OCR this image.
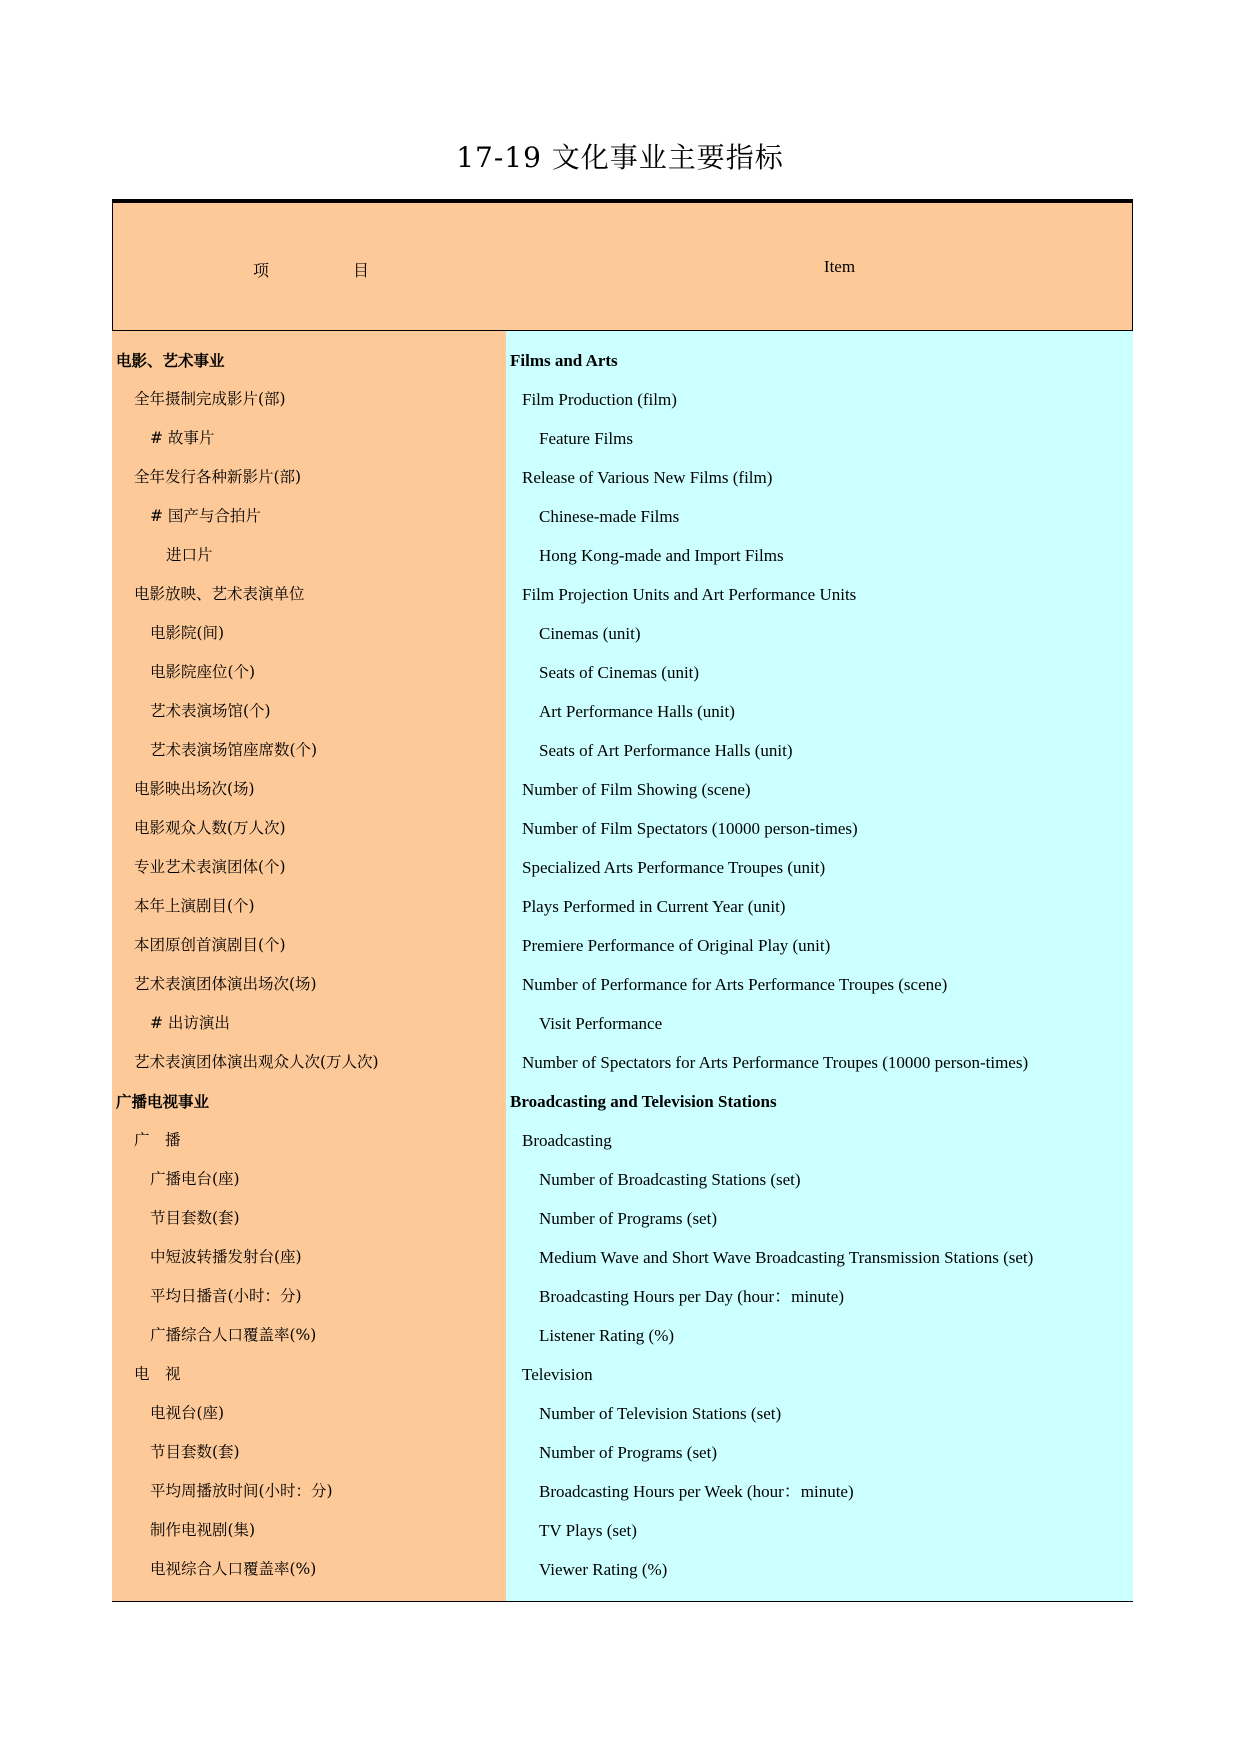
17-19 文化事业主要指标
项	目	Item
电影、艺术事业
全年摄制完成影片(部)
# 故事片
全年发行各种新影片(部)
# 国产与合拍片
进口片
电影放映、艺术表演单位
电影院(间)
电影院座位(个)
艺术表演场馆(个)
艺术表演场馆座席数(个)
电影映出场次(场)
电影观众人数(万人次)
专业艺术表演团体(个)
本年上演剧目(个)
本团原创首演剧目(个)
艺术表演团体演出场次(场)
# 出访演出
艺术表演团体演出观众人次(万人次)
广播电视事业
广　播
广播电台(座)
节目套数(套)
中短波转播发射台(座)
平均日播音(小时：分)
广播综合人口覆盖率(%)
电　视
电视台(座)
节目套数(套)
平均周播放时间(小时：分)
制作电视剧(集)
电视综合人口覆盖率(%)
Films and Arts
Film Production (film)
Feature Films
Release of Various New Films (film)
Chinese-made Films
Hong Kong-made and Import Films
Film Projection Units and Art Performance Units
Cinemas (unit)
Seats of Cinemas (unit)
Art Performance Halls (unit)
Seats of Art Performance Halls (unit)
Number of Film Showing (scene)
Number of Film Spectators (10000 person-times)
Specialized Arts Performance Troupes (unit)
Plays Performed in Current Year (unit)
Premiere Performance of Original Play (unit)
Number of Performance for Arts Performance Troupes (scene)
Visit Performance
Number of Spectators for Arts Performance Troupes (10000 person-times)
Broadcasting and Television Stations
Broadcasting
Number of Broadcasting Stations (set)
Number of Programs (set)
Medium Wave and Short Wave Broadcasting Transmission Stations (set)
Broadcasting Hours per Day (hour：minute)
Listener Rating (%)
Television
Number of Television Stations (set)
Number of Programs (set)
Broadcasting Hours per Week (hour：minute)
TV Plays (set)
Viewer Rating (%)
